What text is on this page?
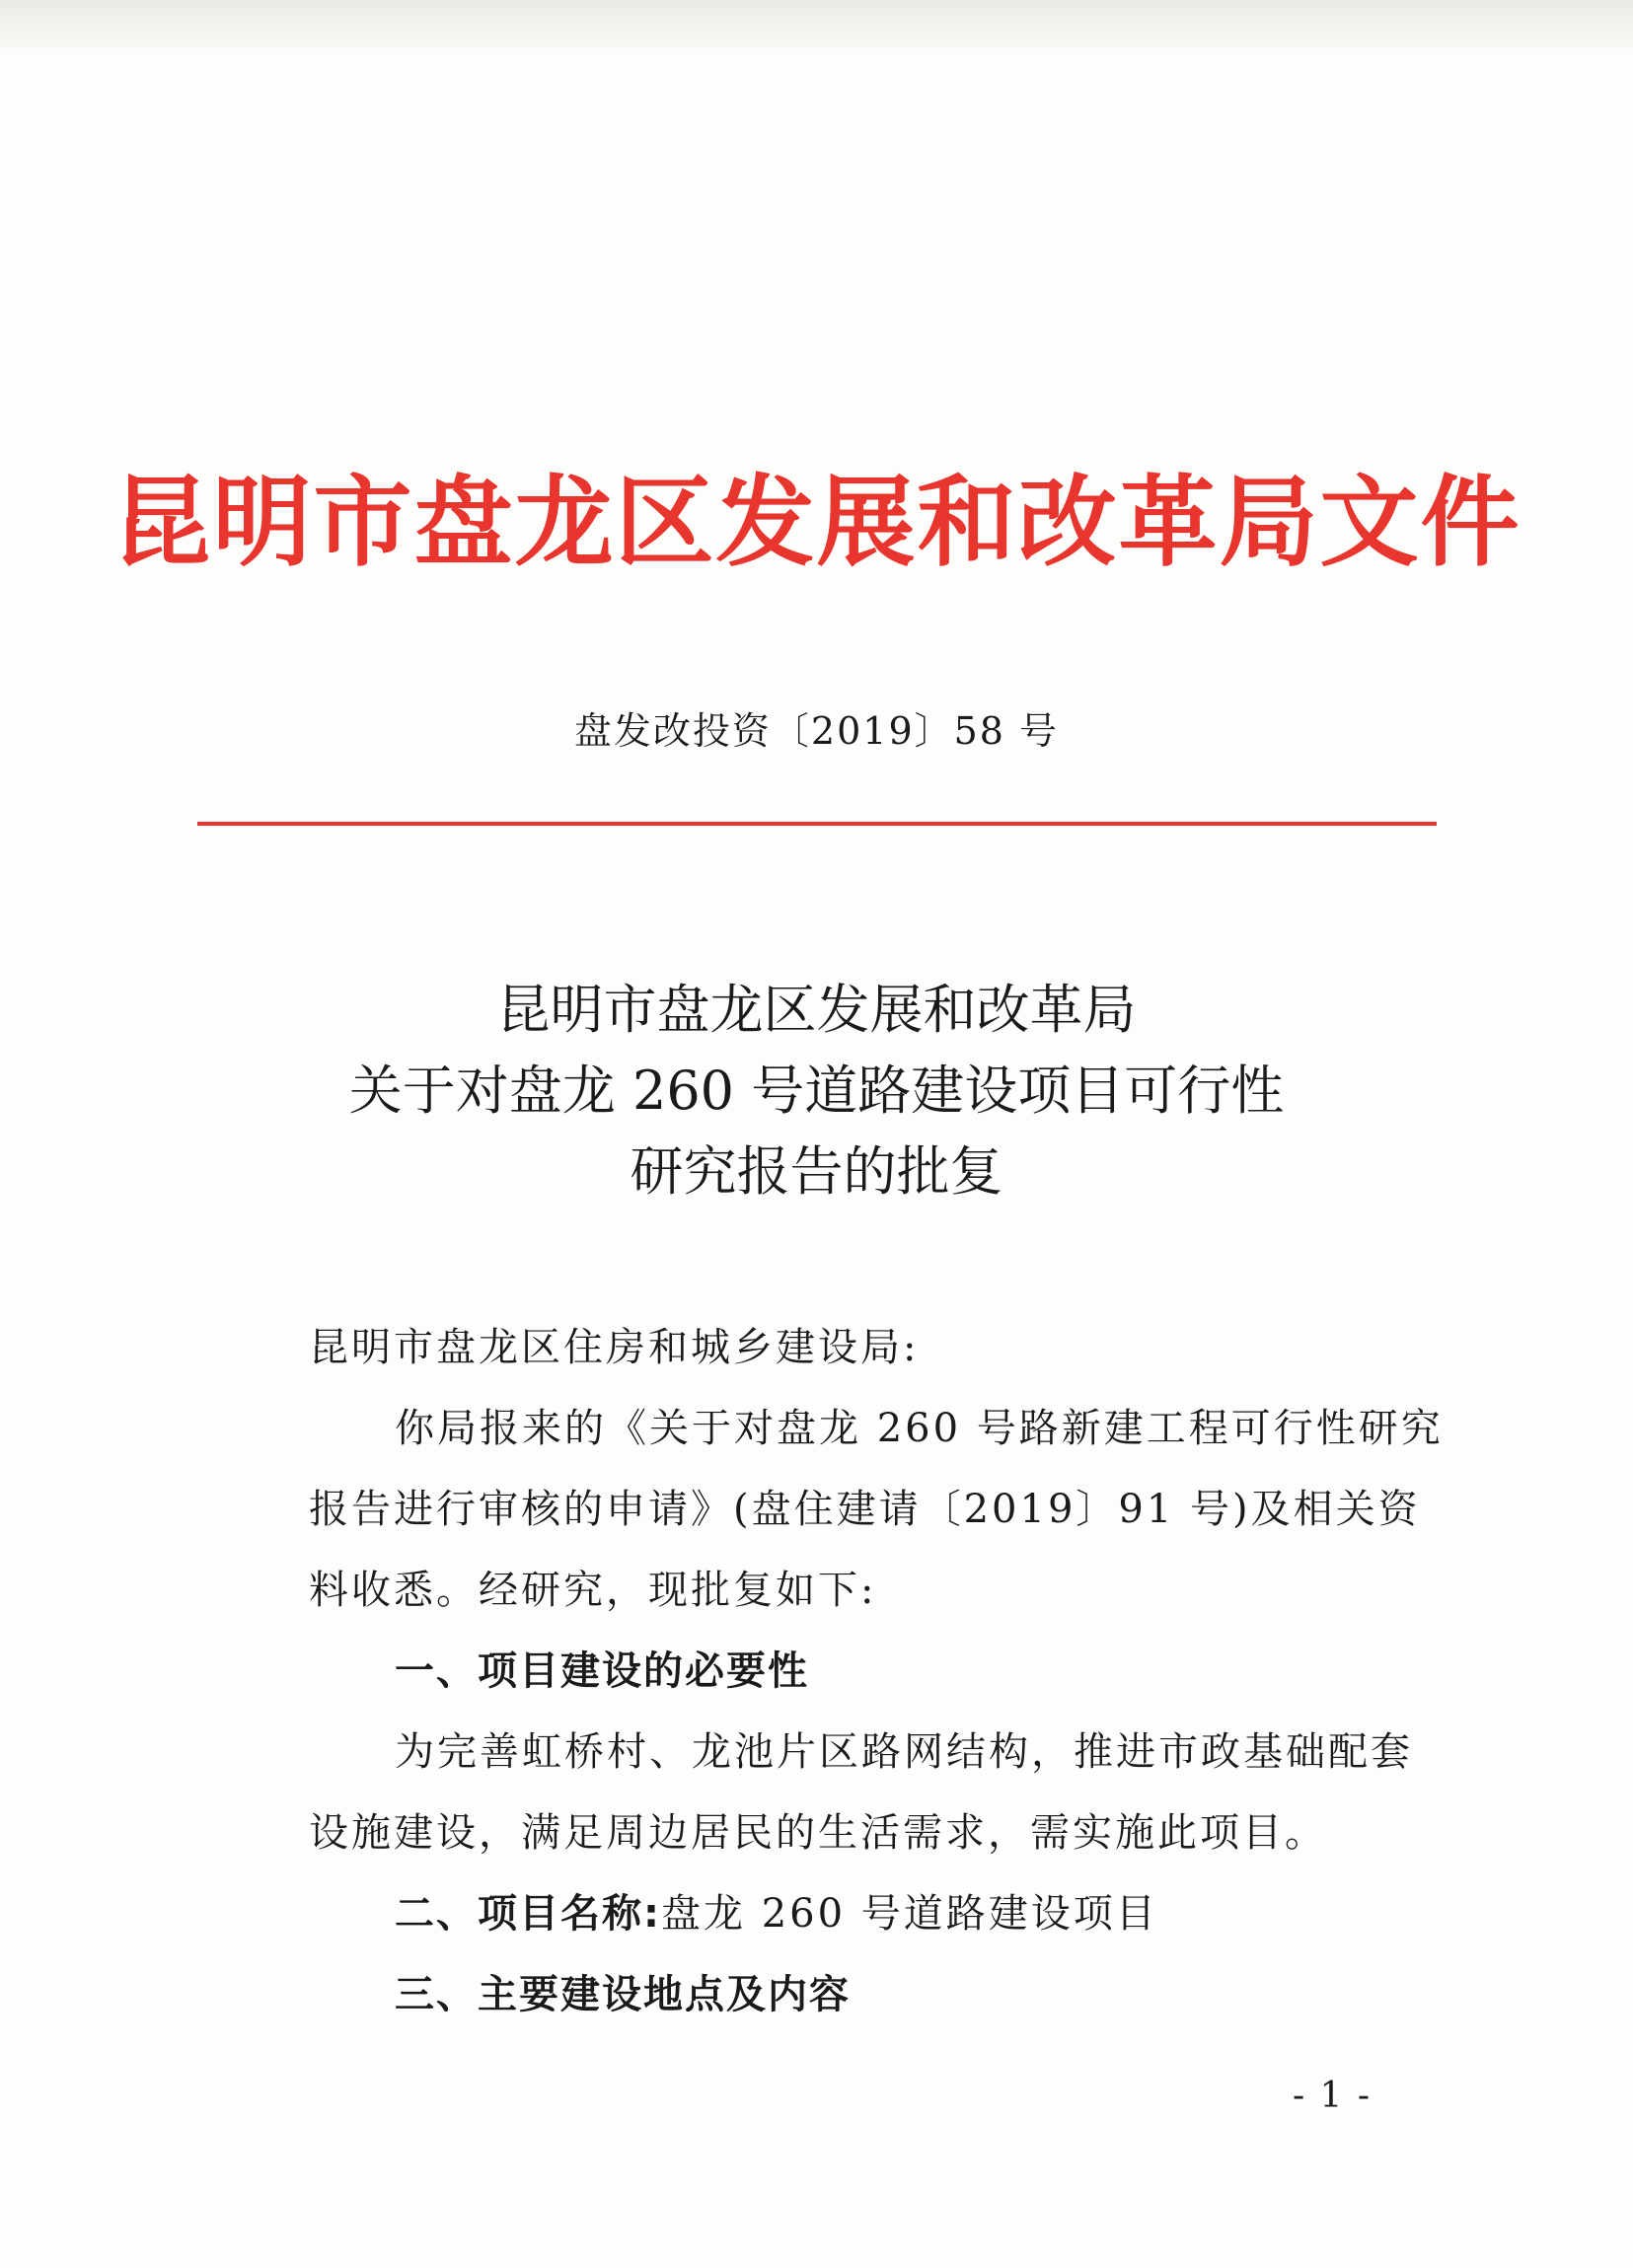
昆明市盘龙区发展和改革局文件
盘发改投资〔2019〕58 号
昆明市盘龙区发展和改革局
关于对盘龙 260 号道路建设项目可行性
研究报告的批复
昆明市盘龙区住房和城乡建设局:
你局报来的《关于对盘龙 260 号路新建工程可行性研究
报告进行审核的申请》(盘住建请〔2019〕91 号)及相关资
料收悉。经研究，现批复如下:
一、项目建设的必要性
为完善虹桥村、龙池片区路网结构，推进市政基础配套
设施建设，满足周边居民的生活需求，需实施此项目。
二、项目名称:盘龙 260 号道路建设项目
三、主要建设地点及内容
- 1 -
